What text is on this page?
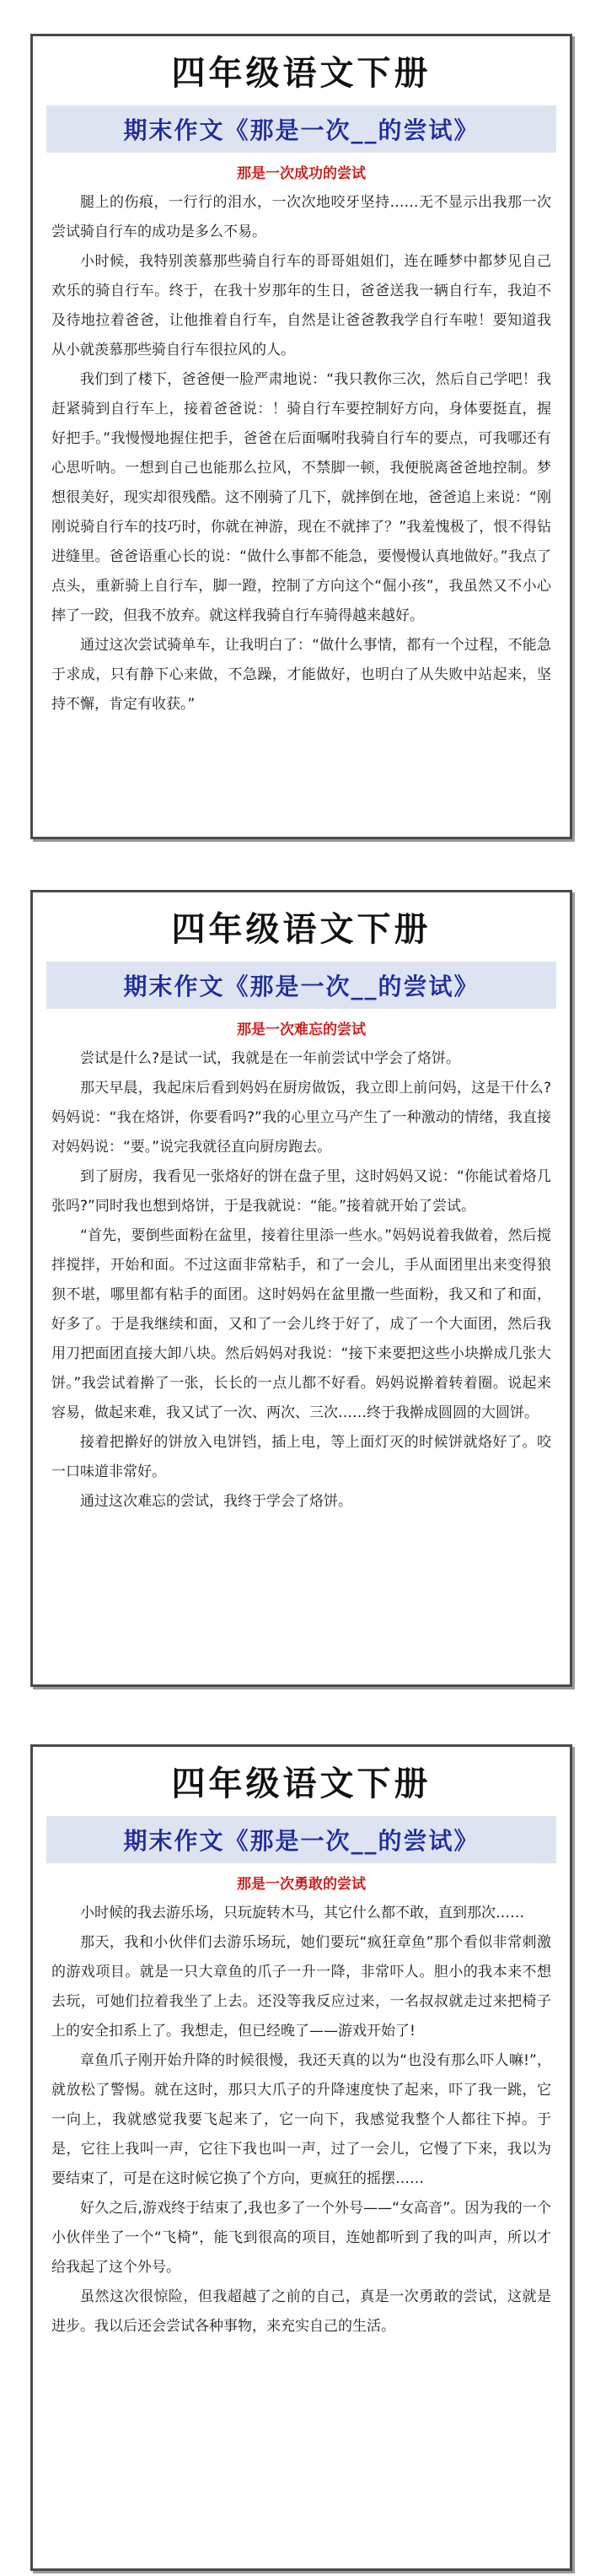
四年级语文下册
期末作文《那是一次__的尝试》
那是一次成功的尝试

腿上的伤痕，一行行的泪水，一次次地咬牙坚持……无不显示出我那一次尝试骑自行车的成功是多么不易。

小时候，我特别羡慕那些骑自行车的哥哥姐姐们，连在睡梦中都梦见自己欢乐的骑自行车。终于，在我十岁那年的生日，爸爸送我一辆自行车，我迫不及待地拉着爸爸，让他推着自行车，自然是让爸爸教我学自行车啦！要知道我从小就羡慕那些骑自行车很拉风的人。

我们到了楼下，爸爸便一脸严肃地说：“我只教你三次，然后自己学吧！我赶紧骑到自行车上，接着爸爸说：！骑自行车要控制好方向，身体要挺直，握好把手。”我慢慢地握住把手，爸爸在后面嘱咐我骑自行车的要点，可我哪还有心思听呐。一想到自己也能那么拉风，不禁脚一顿，我便脱离爸爸地控制。梦想很美好，现实却很残酷。这不刚骑了几下，就摔倒在地，爸爸追上来说：“刚刚说骑自行车的技巧时，你就在神游，现在不就摔了？”我羞愧极了，恨不得钻进缝里。爸爸语重心长的说：“做什么事都不能急，要慢慢认真地做好。”我点了点头，重新骑上自行车，脚一蹬，控制了方向这个“倔小孩”，我虽然又不小心摔了一跤，但我不放弃。就这样我骑自行车骑得越来越好。

通过这次尝试骑单车，让我明白了：“做什么事情，都有一个过程，不能急于求成，只有静下心来做，不急躁，才能做好，也明白了从失败中站起来，坚持不懈，肯定有收获。”

四年级语文下册
期末作文《那是一次__的尝试》
那是一次难忘的尝试

尝试是什么?是试一试，我就是在一年前尝试中学会了烙饼。

那天早晨，我起床后看到妈妈在厨房做饭，我立即上前问妈，这是干什么?妈妈说：“我在烙饼，你要看吗?”我的心里立马产生了一种激动的情绪，我直接对妈妈说：“要。”说完我就径直向厨房跑去。

到了厨房，我看见一张烙好的饼在盘子里，这时妈妈又说：“你能试着烙几张吗?”同时我也想到烙饼，于是我就说：“能。”接着就开始了尝试。

“首先，要倒些面粉在盆里，接着往里添一些水。”妈妈说着我做着，然后搅拌搅拌，开始和面。不过这面非常粘手，和了一会儿，手从面团里出来变得狼狈不堪，哪里都有粘手的面团。这时妈妈在盆里撒一些面粉，我又和了和面，好多了。于是我继续和面，又和了一会儿终于好了，成了一个大面团，然后我用刀把面团直接大卸八块。然后妈妈对我说：“接下来要把这些小块擀成几张大饼。”我尝试着擀了一张，长长的一点儿都不好看。妈妈说擀着转着圈。说起来容易，做起来难，我又试了一次、两次、三次……终于我擀成圆圆的大圆饼。

接着把擀好的饼放入电饼铛，插上电，等上面灯灭的时候饼就烙好了。咬一口味道非常好。

通过这次难忘的尝试，我终于学会了烙饼。

四年级语文下册
期末作文《那是一次__的尝试》
那是一次勇敢的尝试

小时候的我去游乐场，只玩旋转木马，其它什么都不敢，直到那次……

那天，我和小伙伴们去游乐场玩，她们要玩“疯狂章鱼”那个看似非常刺激的游戏项目。就是一只大章鱼的爪子一升一降，非常吓人。胆小的我本来不想去玩，可她们拉着我坐了上去。还没等我反应过来，一名叔叔就走过来把椅子上的安全扣系上了。我想走，但已经晚了——游戏开始了!

章鱼爪子刚开始升降的时候很慢，我还天真的以为“也没有那么吓人嘛!”，就放松了警惕。就在这时，那只大爪子的升降速度快了起来，吓了我一跳，它一向上，我就感觉我要飞起来了，它一向下，我感觉我整个人都往下掉。于是，它往上我叫一声，它往下我也叫一声，过了一会儿，它慢了下来，我以为要结束了，可是在这时候它换了个方向，更疯狂的摇摆……

好久之后,游戏终于结束了,我也多了一个外号——“女高音”。因为我的一个小伙伴坐了一个“飞椅”，能飞到很高的项目，连她都听到了我的叫声，所以才给我起了这个外号。

虽然这次很惊险，但我超越了之前的自己，真是一次勇敢的尝试，这就是进步。我以后还会尝试各种事物，来充实自己的生活。
